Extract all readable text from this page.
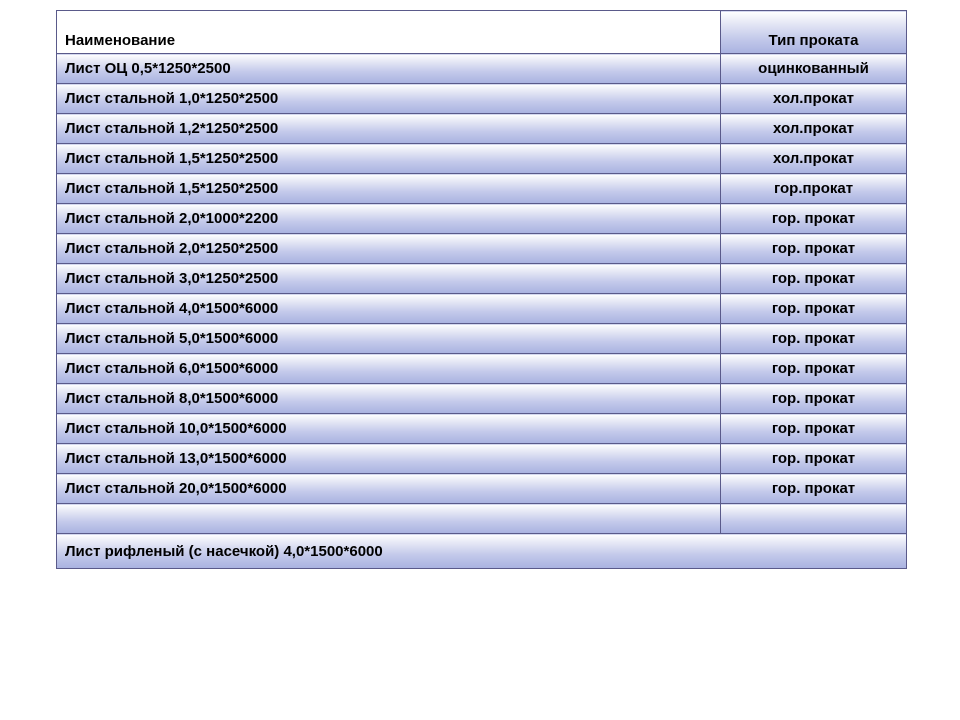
Наименование	Тип проката
Лист ОЦ 0,5*1250*2500	оцинкованный
Лист стальной 1,0*1250*2500	хол.прокат
Лист стальной 1,2*1250*2500	хол.прокат
Лист стальной 1,5*1250*2500	хол.прокат
Лист стальной 1,5*1250*2500	гор.прокат
Лист стальной 2,0*1000*2200	гор. прокат
Лист стальной 2,0*1250*2500	гор. прокат
Лист стальной 3,0*1250*2500	гор. прокат
Лист стальной 4,0*1500*6000	гор. прокат
Лист стальной 5,0*1500*6000	гор. прокат
Лист стальной 6,0*1500*6000	гор. прокат
Лист стальной 8,0*1500*6000	гор. прокат
Лист стальной 10,0*1500*6000	гор. прокат
Лист стальной 13,0*1500*6000	гор. прокат
Лист стальной 20,0*1500*6000	гор. прокат

Лист рифленый (с насечкой) 4,0*1500*6000	
